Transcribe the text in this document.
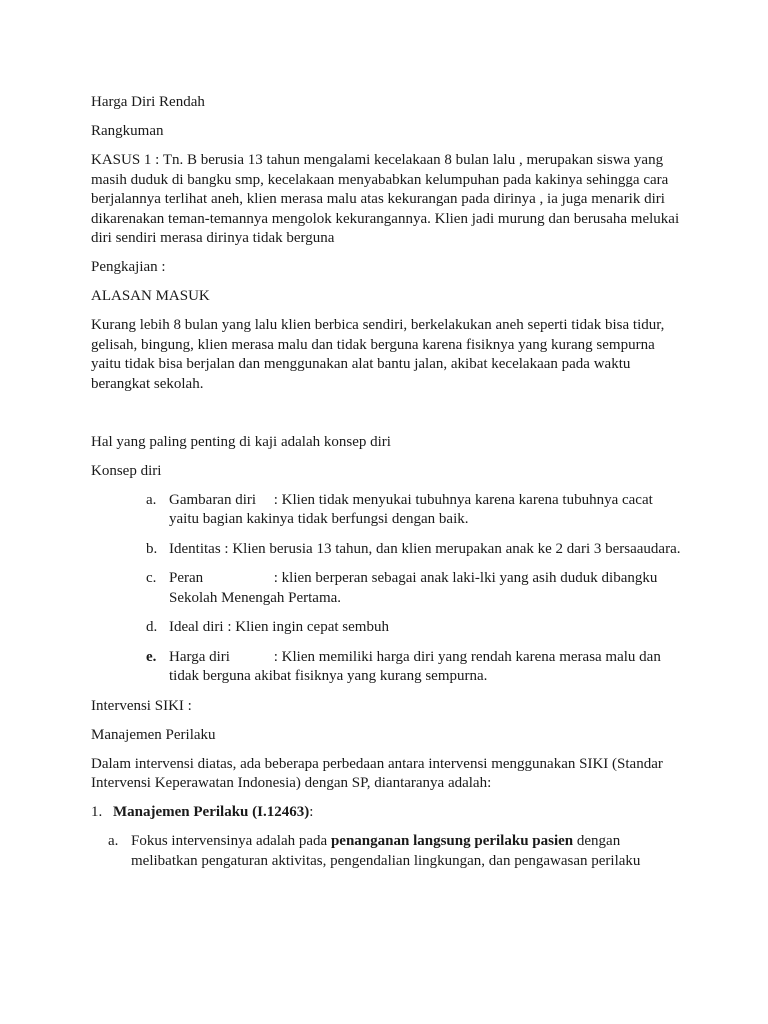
Harga Diri Rendah

Rangkuman

KASUS 1 : Tn. B berusia 13 tahun mengalami kecelakaan 8 bulan lalu , merupakan siswa yang masih duduk di bangku smp, kecelakaan menyababkan kelumpuhan pada kakinya sehingga cara berjalannya terlihat aneh, klien merasa malu atas kekurangan pada dirinya , ia juga menarik diri dikarenakan teman-temannya mengolok kekurangannya. Klien jadi murung dan berusaha melukai diri sendiri merasa dirinya tidak berguna

Pengkajian :

ALASAN MASUK

Kurang lebih 8 bulan yang lalu klien berbica sendiri, berkelakukan aneh seperti tidak bisa tidur, gelisah, bingung, klien merasa malu dan tidak berguna karena fisiknya yang kurang sempurna yaitu tidak bisa berjalan dan menggunakan alat bantu jalan, akibat kecelakaan pada waktu berangkat sekolah.

Hal yang paling penting di kaji adalah konsep diri

Konsep diri

a. Gambaran diri : Klien tidak menyukai tubuhnya karena karena tubuhnya cacat yaitu bagian kakinya tidak berfungsi dengan baik.
b. Identitas : Klien berusia 13 tahun, dan klien merupakan anak ke 2 dari 3 bersaaudara.
c. Peran	: klien berperan sebagai anak laki-lki yang asih duduk dibangku Sekolah Menengah Pertama.
d. Ideal diri : Klien ingin cepat sembuh
e. Harga diri	: Klien memiliki harga diri yang rendah karena merasa malu dan tidak berguna akibat fisiknya yang kurang sempurna.

Intervensi SIKI :

Manajemen Perilaku

Dalam intervensi diatas, ada beberapa perbedaan antara intervensi menggunakan SIKI (Standar Intervensi Keperawatan Indonesia) dengan SP, diantaranya adalah:

1. Manajemen Perilaku (I.12463):
a. Fokus intervensinya adalah pada penanganan langsung perilaku pasien dengan melibatkan pengaturan aktivitas, pengendalian lingkungan, dan pengawasan perilaku
